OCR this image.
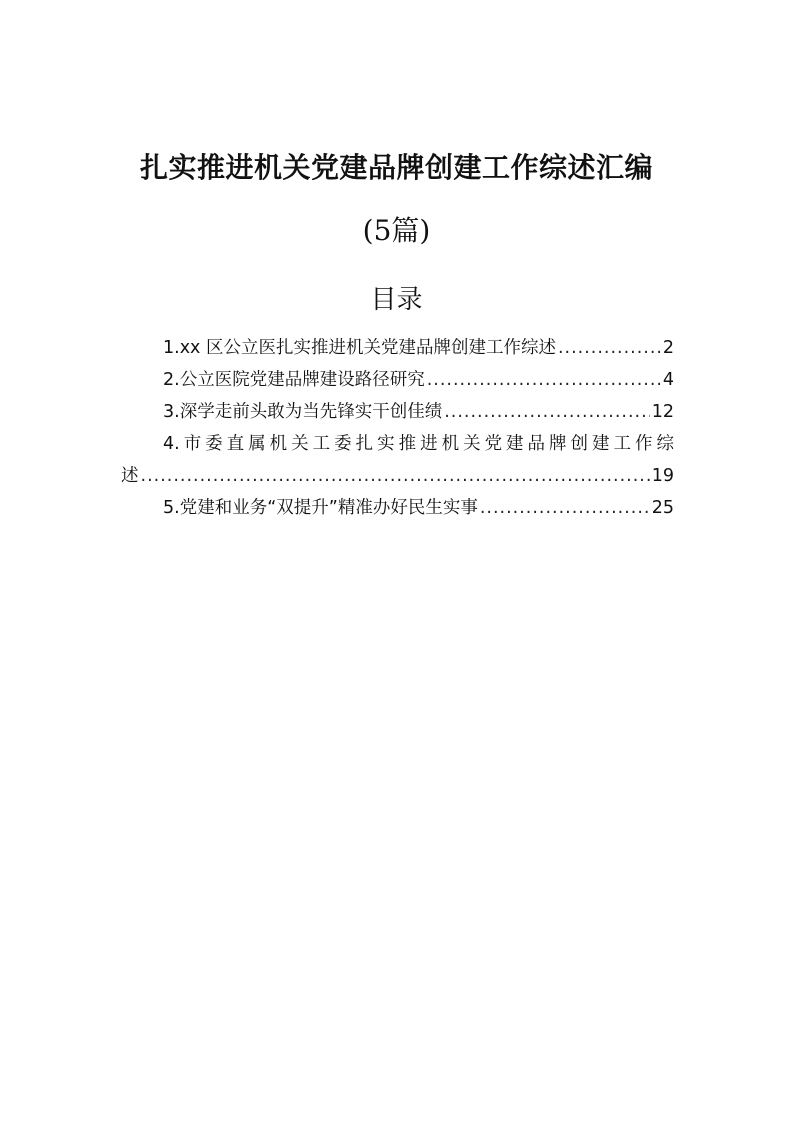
扎实推进机关党建品牌创建工作综述汇编
(5篇)
目录
1.xx 区公立医扎实推进机关党建品牌创建工作综述 .....	2
2.公立医院党建品牌建设路径研究 .....	4
3.深学走前头敢为当先锋实干创佳绩 .....	12
4.市委直属机关工委扎实推进机关党建品牌创建工作综
述 .....	19
5.党建和业务“双提升”精准办好民生实事 .....	25
